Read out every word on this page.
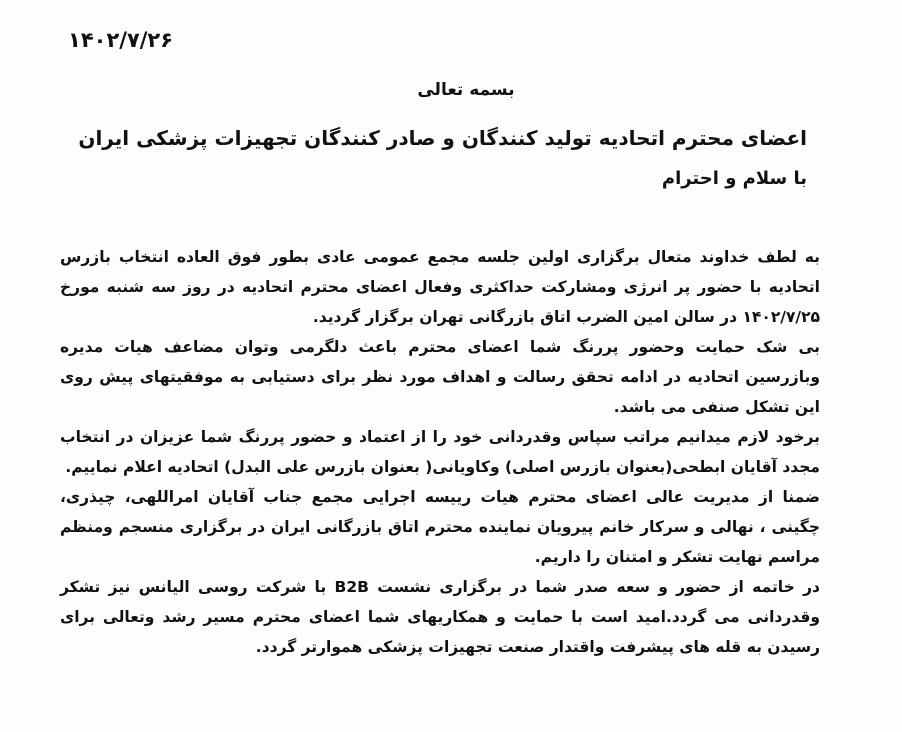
۱۴۰۲/۷/۲۶
بسمه تعالی
اعضای محترم اتحادیه تولید کنندگان و صادر کنندگان تجهیزات پزشکی ایران
با سلام و احترام

به لطف خداوند متعال برگزاری اولین جلسه مجمع عمومی عادی بطور فوق العاده انتخاب بازرس اتحادیه با حضور پر انرژی ومشارکت حداکثری وفعال اعضای محترم اتحادیه در روز سه شنبه مورخ ۱۴۰۲/۷/۲۵ در سالن امین الضرب اتاق بازرگانی تهران برگزار گردید.

بی شک حمایت وحضور پررنگ شما اعضای محترم باعث دلگرمی وتوان مضاعف هیات مدیره وبازرسین اتحادیه در ادامه تحقق رسالت و اهداف مورد نظر برای دستیابی به موفقیتهای پیش روی این تشکل صنفی می باشد.

برخود لازم میدانیم مراتب سپاس وقدردانی خود را از اعتماد و حضور پررنگ شما عزیزان در انتخاب مجدد آقایان ابطحی(بعنوان بازرس اصلی) وکاویانی( بعنوان بازرس علی البدل) اتحادیه اعلام نماییم.

ضمنا از مدیریت عالی اعضای محترم هیات رییسه اجرایی مجمع جناب آقایان امراللهی، چیذری، چگینی ، نهالی و سرکار خانم پیرویان نماینده محترم اتاق بازرگانی ایران در برگزاری منسجم ومنظم مراسم نهایت تشکر و امتنان را داریم.

در خاتمه از حضور و سعه صدر شما در برگزاری نشست B2B با شرکت روسی الیانس نیز تشکر وقدردانی می گردد.امید است با حمایت و همکاریهای شما اعضای محترم مسیر رشد وتعالی برای رسیدن به قله های پیشرفت واقتدار صنعت تجهیزات پزشکی هموارتر گردد.
